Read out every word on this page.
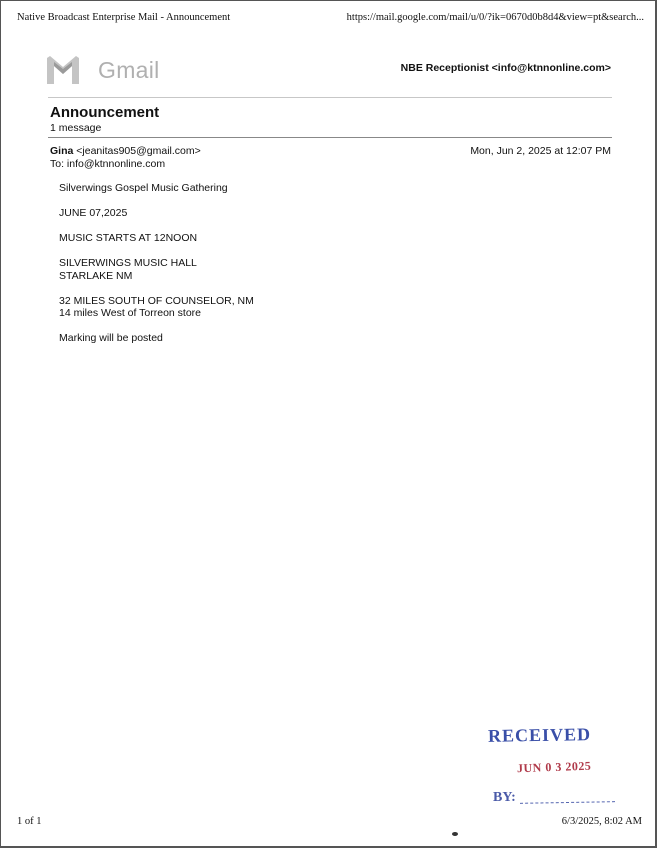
Native Broadcast Enterprise Mail - Announcement	https://mail.google.com/mail/u/0/?ik=0670d0b8d4&view=pt&search...
Gmail	NBE Receptionist <info@ktnnonline.com>
Announcement
1 message
Gina <jeanitas905@gmail.com>
To: info@ktnnonline.com
Mon, Jun 2, 2025 at 12:07 PM

Silverwings Gospel Music Gathering

JUNE 07,2025

MUSIC STARTS AT 12NOON

SILVERWINGS MUSIC HALL
STARLAKE NM

32 MILES SOUTH OF COUNSELOR, NM
14 miles West of Torreon store

Marking will be posted

RECEIVED
JUN 0 3 2025
BY:
1 of 1	6/3/2025, 8:02 AM
